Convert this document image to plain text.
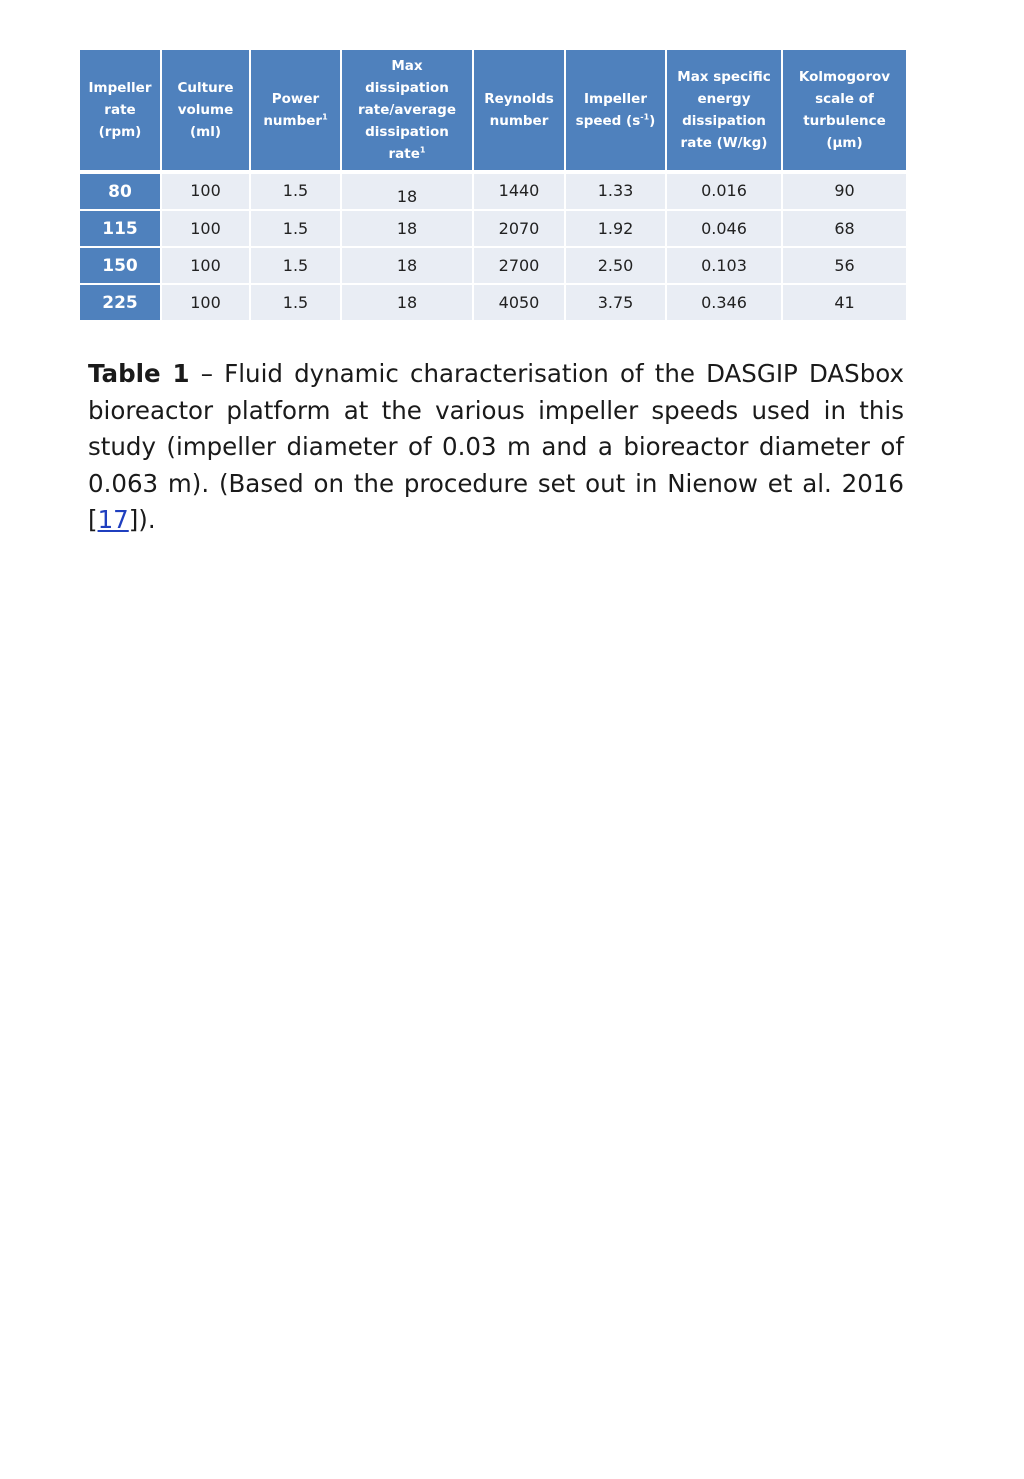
Impeller
rate
(rpm)	Culture
volume
(ml)	Power
number$^1$	Max
dissipation
rate/average
dissipation
rate$^1$	Reynolds
number	Impeller
speed $(s^{-1})$	Max specific
energy
dissipation
rate (W/kg)	Kolmogorov
scale of
turbulence
(µm)
80	100	1.5	18	1440	1.33	0.016	90
115	100	1.5	18	2070	1.92	0.046	68
150	100	1.5	18	2700	2.50	0.103	56
225	100	1.5	18	4050	3.75	0.346	41

Table 1 – Fluid dynamic characterisation of the DASGIP DASbox bioreactor platform at the various impeller speeds used in this study (impeller diameter of 0.03 m and a bioreactor diameter of 0.063 m). (Based on the procedure set out in Nienow et al. 2016 [17]).
